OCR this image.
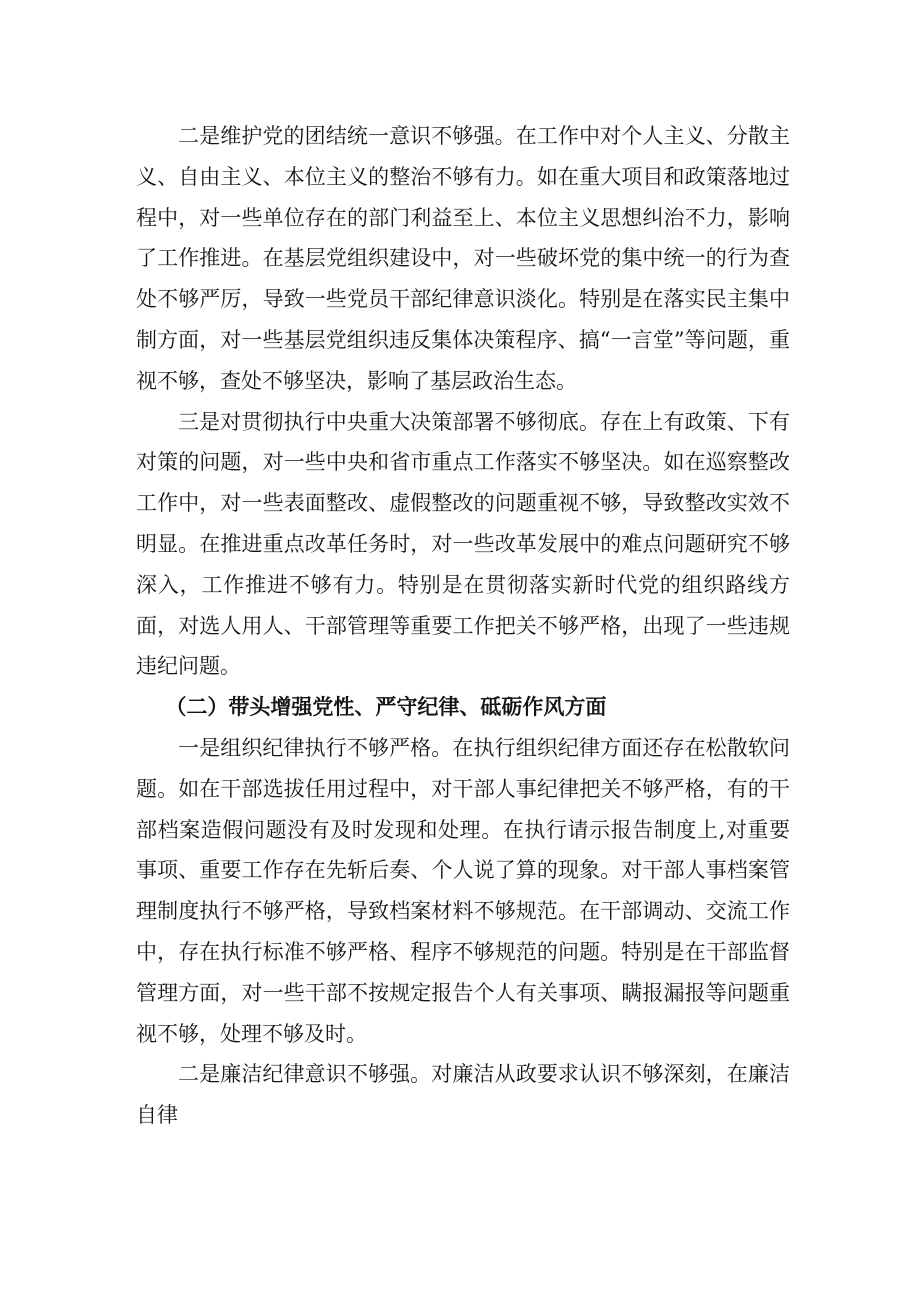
二是维护党的团结统一意识不够强。在工作中对个人主义、分散主义、自由主义、本位主义的整治不够有力。如在重大项目和政策落地过程中，对一些单位存在的部门利益至上、本位主义思想纠治不力，影响了工作推进。在基层党组织建设中，对一些破坏党的集中统一的行为查处不够严厉，导致一些党员干部纪律意识淡化。特别是在落实民主集中制方面，对一些基层党组织违反集体决策程序、搞“一言堂”等问题，重视不够，查处不够坚决，影响了基层政治生态。

三是对贯彻执行中央重大决策部署不够彻底。存在上有政策、下有对策的问题，对一些中央和省市重点工作落实不够坚决。如在巡察整改工作中，对一些表面整改、虚假整改的问题重视不够，导致整改实效不明显。在推进重点改革任务时，对一些改革发展中的难点问题研究不够深入，工作推进不够有力。特别是在贯彻落实新时代党的组织路线方面，对选人用人、干部管理等重要工作把关不够严格，出现了一些违规违纪问题。

（二）带头增强党性、严守纪律、砥砺作风方面

一是组织纪律执行不够严格。在执行组织纪律方面还存在松散软问题。如在干部选拔任用过程中，对干部人事纪律把关不够严格，有的干部档案造假问题没有及时发现和处理。在执行请示报告制度上,对重要事项、重要工作存在先斩后奏、个人说了算的现象。对干部人事档案管理制度执行不够严格，导致档案材料不够规范。在干部调动、交流工作中，存在执行标准不够严格、程序不够规范的问题。特别是在干部监督管理方面，对一些干部不按规定报告个人有关事项、瞒报漏报等问题重视不够，处理不够及时。

二是廉洁纪律意识不够强。对廉洁从政要求认识不够深刻，在廉洁自律
